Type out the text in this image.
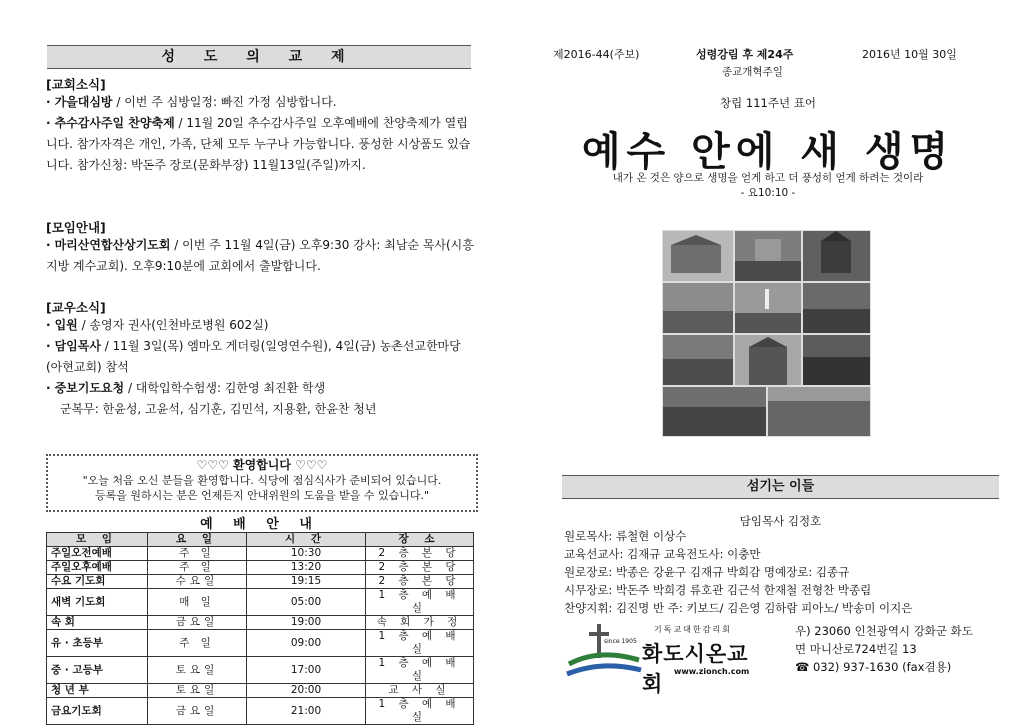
성 도 의 교 제
[교회소식]
· 가을대심방 / 이번 주 심방일정: 빠진 가정 심방합니다.
· 추수감사주일 찬양축제 / 11월 20일 추수감사주일 오후예배에 찬양축제가 열립니다. 참가자격은 개인, 가족, 단체 모두 누구나 가능합니다. 풍성한 시상품도 있습니다. 참가신청: 박돈주 장로(문화부장) 11월13일(주일)까지.
[모임안내]
· 마리산연합산상기도회 / 이번 주 11월 4일(금) 오후9:30 강사: 최남순 목사(시흥지방 계수교회). 오후9:10분에 교회에서 출발합니다.
[교우소식]
· 입원 / 송영자 권사(인천바로병원 602실)
· 담임목사 / 11월 3일(목) 엠마오 게더링(일영연수원), 4일(금) 농촌선교한마당(아현교회) 참석
· 중보기도요청 / 대학입학수험생: 김한영 최진환 학생
군복무: 한윤성, 고윤석, 심기훈, 김민석, 지용환, 한윤찬 청년
♡♡♡ 환영합니다 ♡♡♡
"오늘 처음 오신 분들을 환영합니다. 식당에 점심식사가 준비되어 있습니다.
등록을 원하시는 분은 언제든지 안내위원의 도움을 받을 수 있습니다."
예 배 안 내
모 임	요 일	시 간	장 소
주일오전예배	주 일	10:30	2 층 본 당
주일오후예배	주 일	13:20	2 층 본 당
수요 기도회	수요일	19:15	2 층 본 당
새벽 기도회	매 일	05:00	1 층 예 배 실
속 회	금요일	19:00	속 회 가 정
유 · 초등부	주 일	09:00	1 층 예 배 실
중 · 고등부	토요일	17:00	1 층 예 배 실
청 년 부	토요일	20:00	교 사 실
금요기도회	금요일	21:00	1 층 예 배 실
제2016-44(주보)	성령강림 후 제24주	2016년 10월 30일
종교개혁주일
창립 111주년 표어
예수 안에 새 생명
내가 온 것은 양으로 생명을 얻게 하고 더 풍성히 얻게 하려는 것이라
- 요10:10 -
섬기는 이들
담임목사 김정호
원로목사: 류철현 이상수
교육선교사: 김재규 교육전도사: 이충만
원로장로: 박종은 강윤구 김재규 박희감 명예장로: 김종규
시무장로: 박돈주 박희경 류호관 김근석 한재철 전형찬 박종림
찬양지휘: 김진명 반 주: 키보드/ 김은영 김하람 피아노/ 박송미 이지은
기독교대한감리회
since 1905
화도시온교회
www.zionch.com
우) 23060 인천광역시 강화군 화도
면 마니산로724번길 13
☎ 032) 937-1630 (fax겸용)
